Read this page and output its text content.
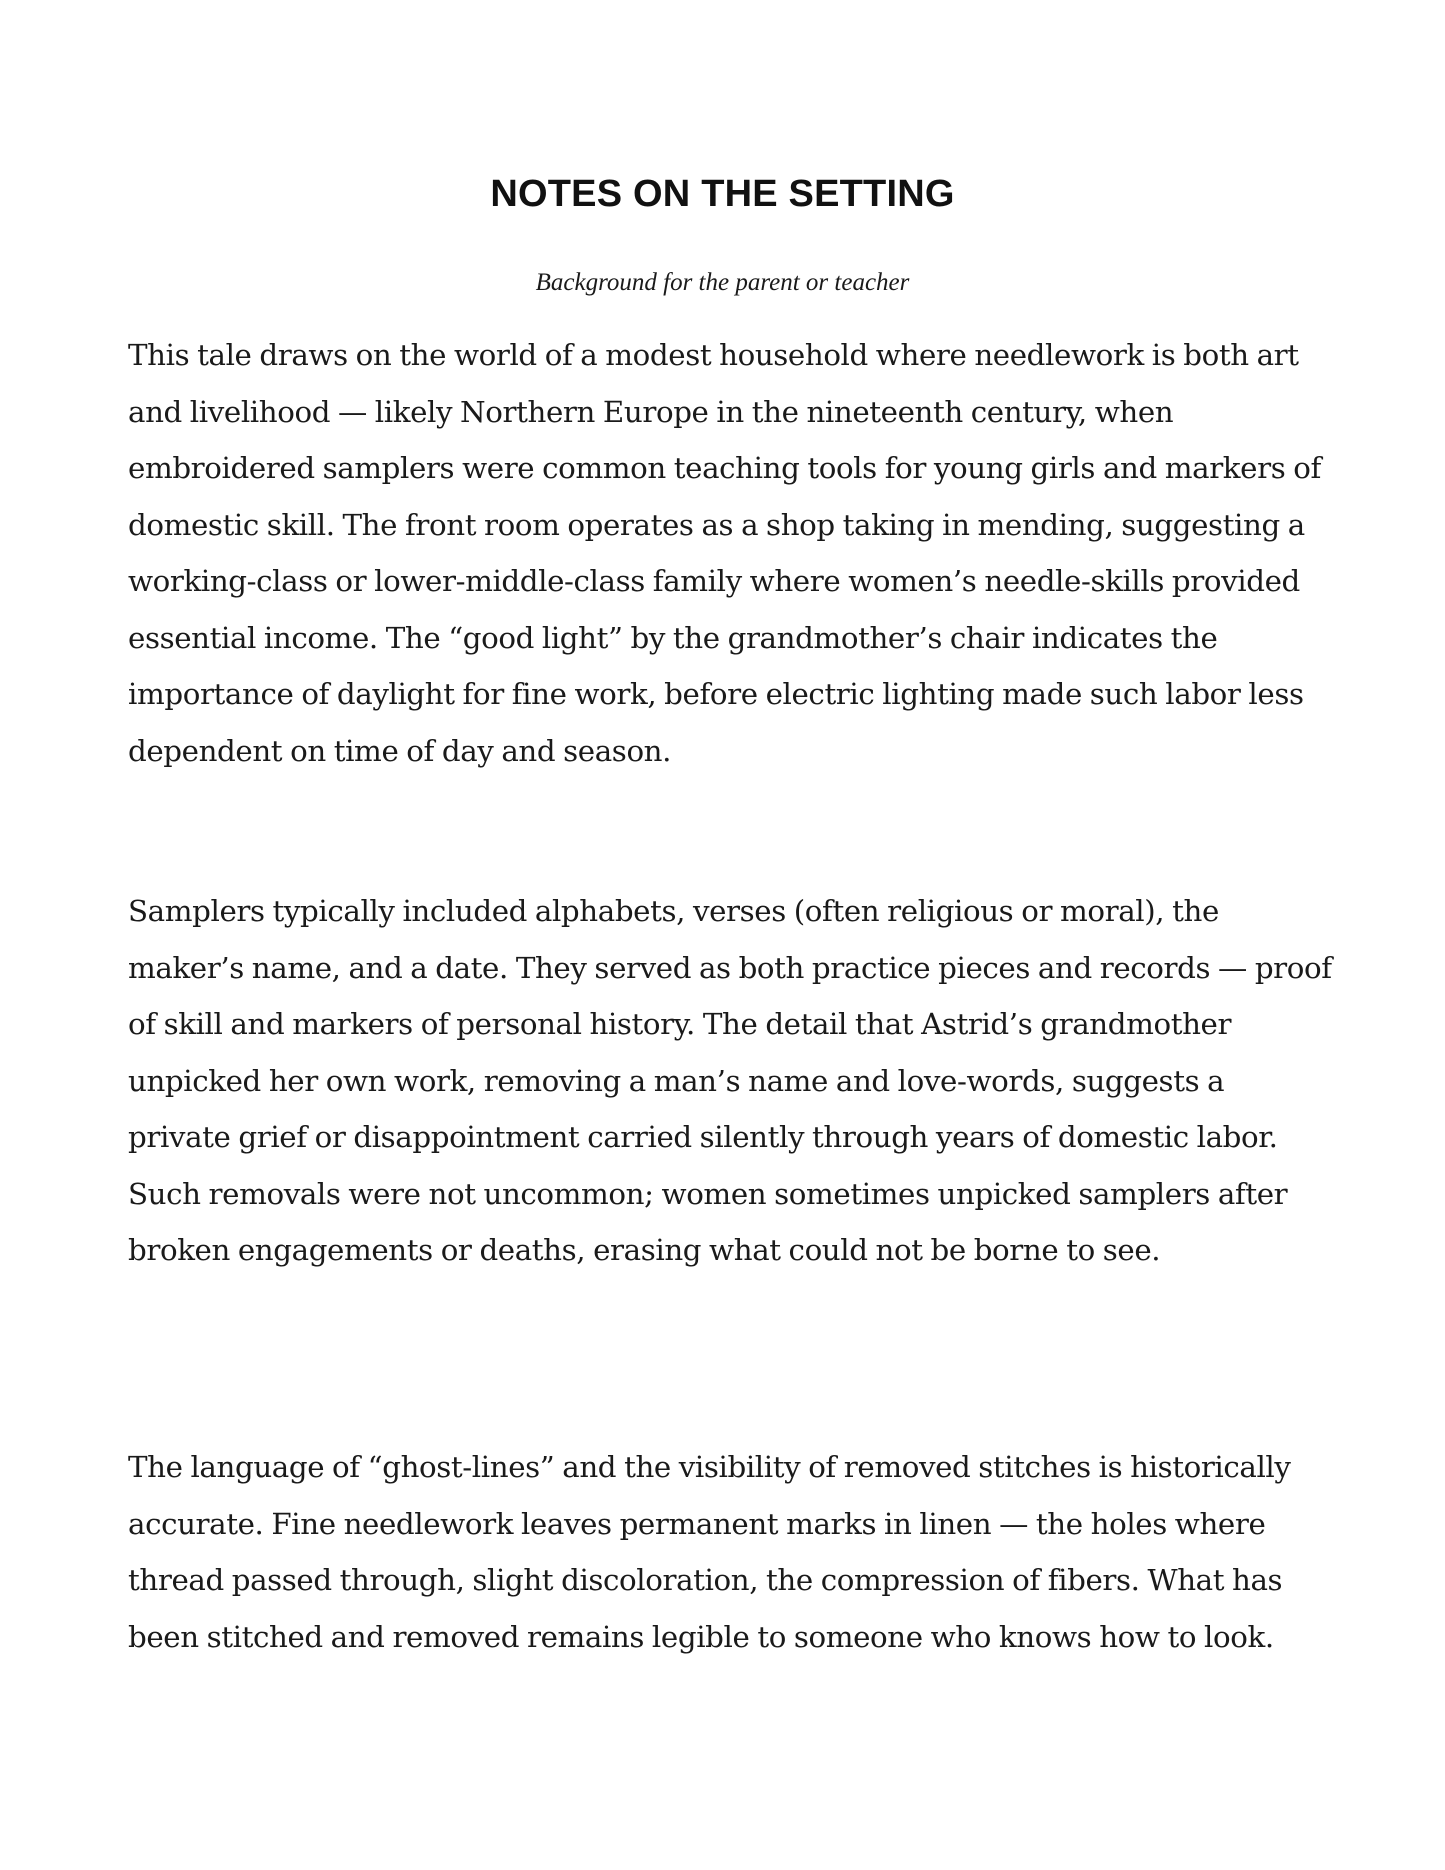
NOTES ON THE SETTING

Background for the parent or teacher

This tale draws on the world of a modest household where needlework is both art and livelihood — likely Northern Europe in the nineteenth century, when embroidered samplers were common teaching tools for young girls and markers of domestic skill. The front room operates as a shop taking in mending, suggesting a working-class or lower-middle-class family where women’s needle-skills provided essential income. The “good light” by the grandmother’s chair indicates the importance of daylight for fine work, before electric lighting made such labor less dependent on time of day and season.

Samplers typically included alphabets, verses (often religious or moral), the maker’s name, and a date. They served as both practice pieces and records — proof of skill and markers of personal history. The detail that Astrid’s grandmother unpicked her own work, removing a man’s name and love-words, suggests a private grief or disappointment carried silently through years of domestic labor. Such removals were not uncommon; women sometimes unpicked samplers after broken engagements or deaths, erasing what could not be borne to see.

The language of “ghost-lines” and the visibility of removed stitches is historically accurate. Fine needlework leaves permanent marks in linen — the holes where thread passed through, slight discoloration, the compression of fibers. What has been stitched and removed remains legible to someone who knows how to look.
